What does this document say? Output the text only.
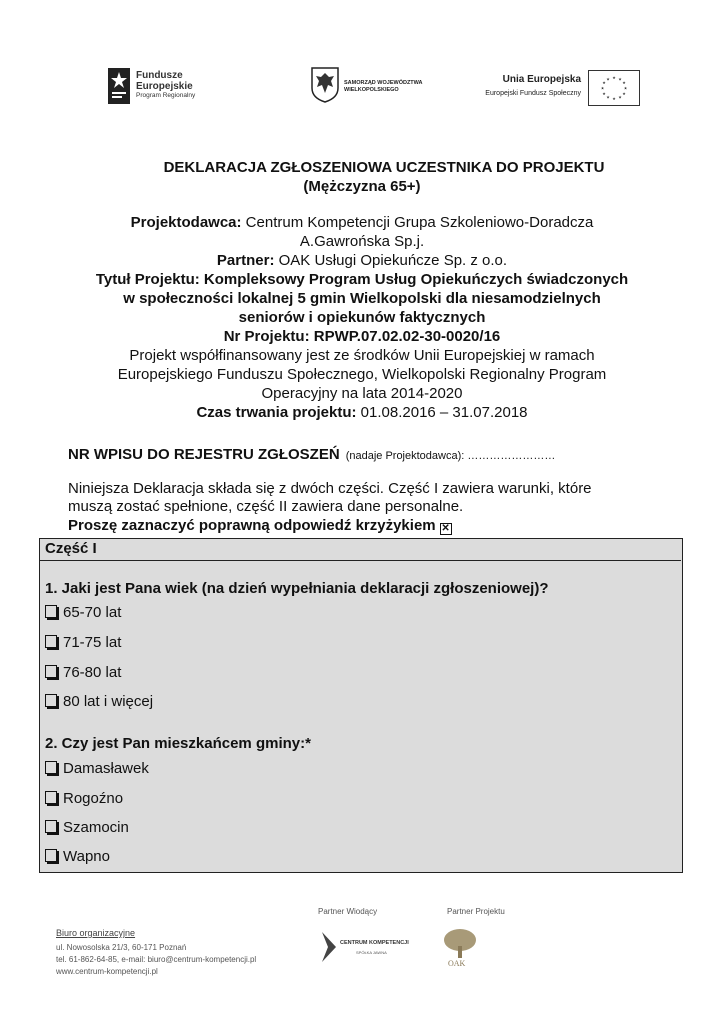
Fundusze
Europejskie
Program Regionalny
SAMORZĄD WOJEWÓDZTWA
WIELKOPOLSKIEGO
Unia Europejska
Europejski Fundusz Społeczny
★ ★
★
★
★
★
★
★
★
★
★
★
DEKLARACJA ZGŁOSZENIOWA UCZESTNIKA DO PROJEKTU
(Mężczyzna 65+)
Projektodawca: Centrum Kompetencji Grupa Szkoleniowo-Doradcza
A.Gawrońska Sp.j.
Partner: OAK Usługi Opiekuńcze Sp. z o.o.
Tytuł Projektu: Kompleksowy Program Usług Opiekuńczych świadczonych
w społeczności lokalnej 5 gmin Wielkopolski dla niesamodzielnych
seniorów i opiekunów faktycznych
Nr Projektu: RPWP.07.02.02-30-0020/16
Projekt współfinansowany jest ze środków Unii Europejskiej w ramach
Europejskiego Funduszu Społecznego, Wielkopolski Regionalny Program
Operacyjny na lata 2014-2020
Czas trwania projektu: 01.08.2016 – 31.07.2018
NR WPISU DO REJESTRU ZGŁOSZEŃ (nadaje Projektodawca): ……………………
Niniejsza Deklaracja składa się z dwóch części. Część I zawiera warunki, które
muszą zostać spełnione, część II zawiera dane personalne.
Proszę zaznaczyć poprawną odpowiedź krzyżykiem ✕
Część I
1. Jaki jest Pana wiek (na dzień wypełniania deklaracji zgłoszeniowej)?
65-70 lat
71-75 lat
76-80 lat
80 lat i więcej
2. Czy jest Pan mieszkańcem gminy:*
Damasławek
Rogoźno
Szamocin
Wapno
Biuro organizacyjne
ul. Nowosolska 21/3, 60-171 Poznań
tel. 61-862-64-85, e-mail: biuro@centrum-kompetencji.pl
www.centrum-kompetencji.pl
Partner Wiodący	Partner Projektu
CENTRUM KOMPETENCJI
SPÓŁKA JAWNA
OAK
